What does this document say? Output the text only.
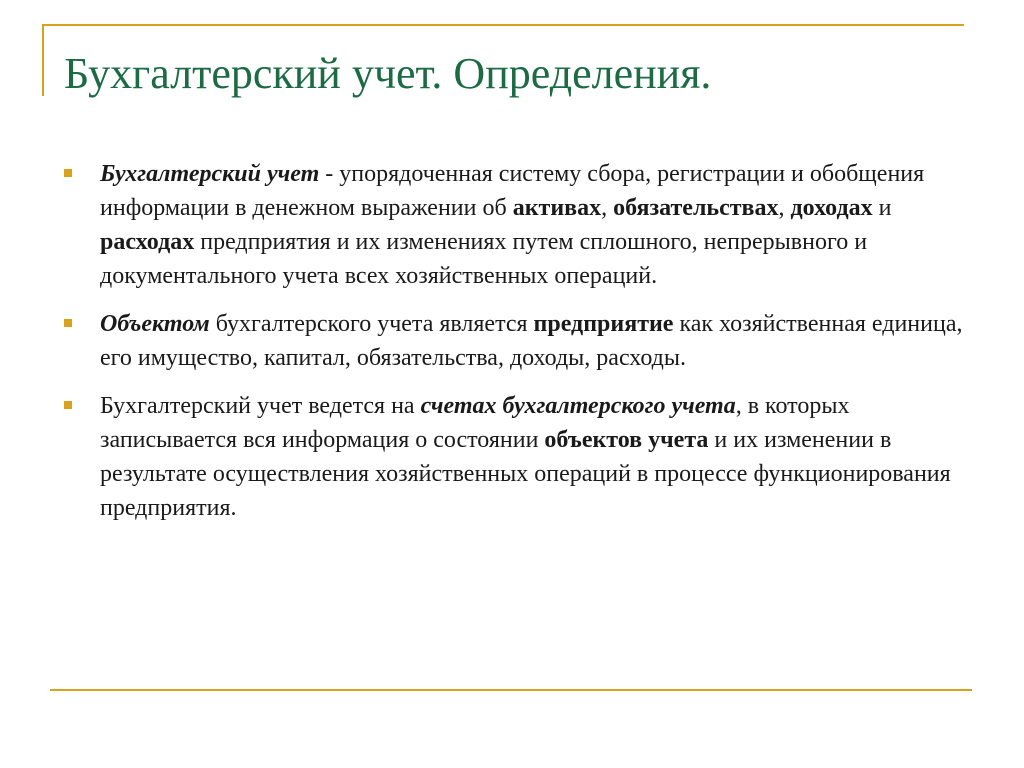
Бухгалтерский учет. Определения.
Бухгалтерский учет - упорядоченная систему сбора, регистрации и обобщения информации в денежном выражении об активах, обязательствах, доходах и расходах предприятия и их изменениях путем сплошного, непрерывного и документального учета всех хозяйственных операций.
Объектом бухгалтерского учета является предприятие как хозяйственная единица, его имущество, капитал, обязательства, доходы, расходы.
Бухгалтерский учет ведется на счетах бухгалтерского учета, в которых записывается вся информация о состоянии объектов учета и их изменении в результате осуществления хозяйственных операций в процессе функционирования предприятия.
